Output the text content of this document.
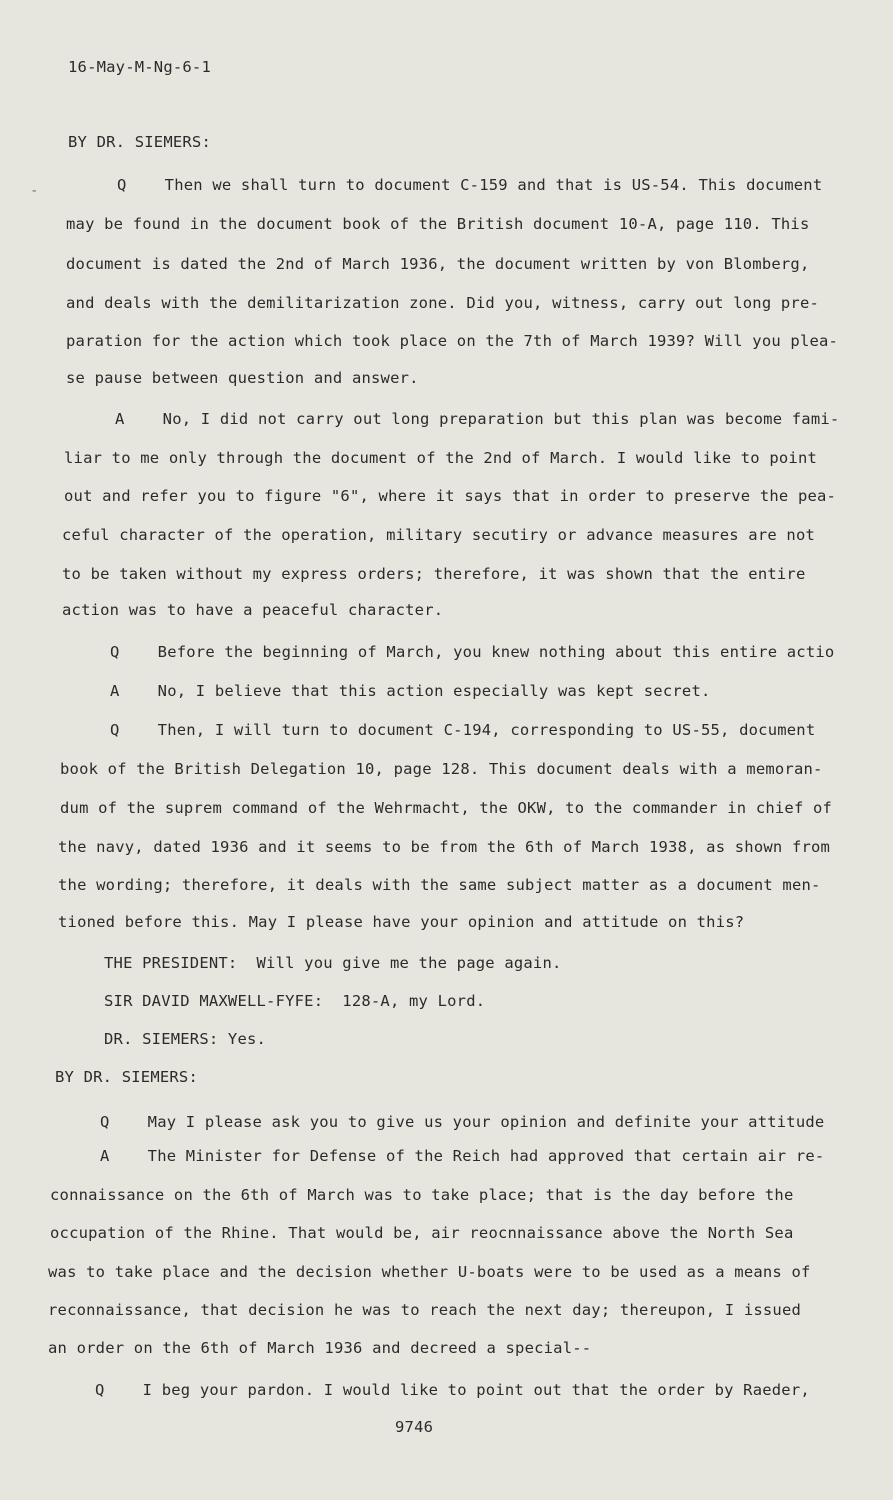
16-May-M-Ng-6-1
BY DR. SIEMERS:
Q    Then we shall turn to document C-159 and that is US-54. This document
may be found in the document book of the British document 10-A, page 110. This
document is dated the 2nd of March 1936, the document written by von Blomberg,
and deals with the demilitarization zone. Did you, witness, carry out long pre-
paration for the action which took place on the 7th of March 1939? Will you plea-
se pause between question and answer.
A    No, I did not carry out long preparation but this plan was become fami-
liar to me only through the document of the 2nd of March. I would like to point
out and refer you to figure "6", where it says that in order to preserve the pea-
ceful character of the operation, military secutiry or advance measures are not
to be taken without my express orders; therefore, it was shown that the entire
action was to have a peaceful character.
Q    Before the beginning of March, you knew nothing about this entire actio
A    No, I believe that this action especially was kept secret.
Q    Then, I will turn to document C-194, corresponding to US-55, document
book of the British Delegation 10, page 128. This document deals with a memoran-
dum of the suprem command of the Wehrmacht, the OKW, to the commander in chief of
the navy, dated 1936 and it seems to be from the 6th of March 1938, as shown from
the wording; therefore, it deals with the same subject matter as a document men-
tioned before this. May I please have your opinion and attitude on this?
THE PRESIDENT:  Will you give me the page again.
SIR DAVID MAXWELL-FYFE:  128-A, my Lord.
DR. SIEMERS: Yes.
BY DR. SIEMERS:
Q    May I please ask you to give us your opinion and definite your attitude
A    The Minister for Defense of the Reich had approved that certain air re-
connaissance on the 6th of March was to take place; that is the day before the
occupation of the Rhine. That would be, air reocnnaissance above the North Sea
was to take place and the decision whether U-boats were to be used as a means of
reconnaissance, that decision he was to reach the next day; thereupon, I issued
an order on the 6th of March 1936 and decreed a special--
Q    I beg your pardon. I would like to point out that the order by Raeder,
9746
-
